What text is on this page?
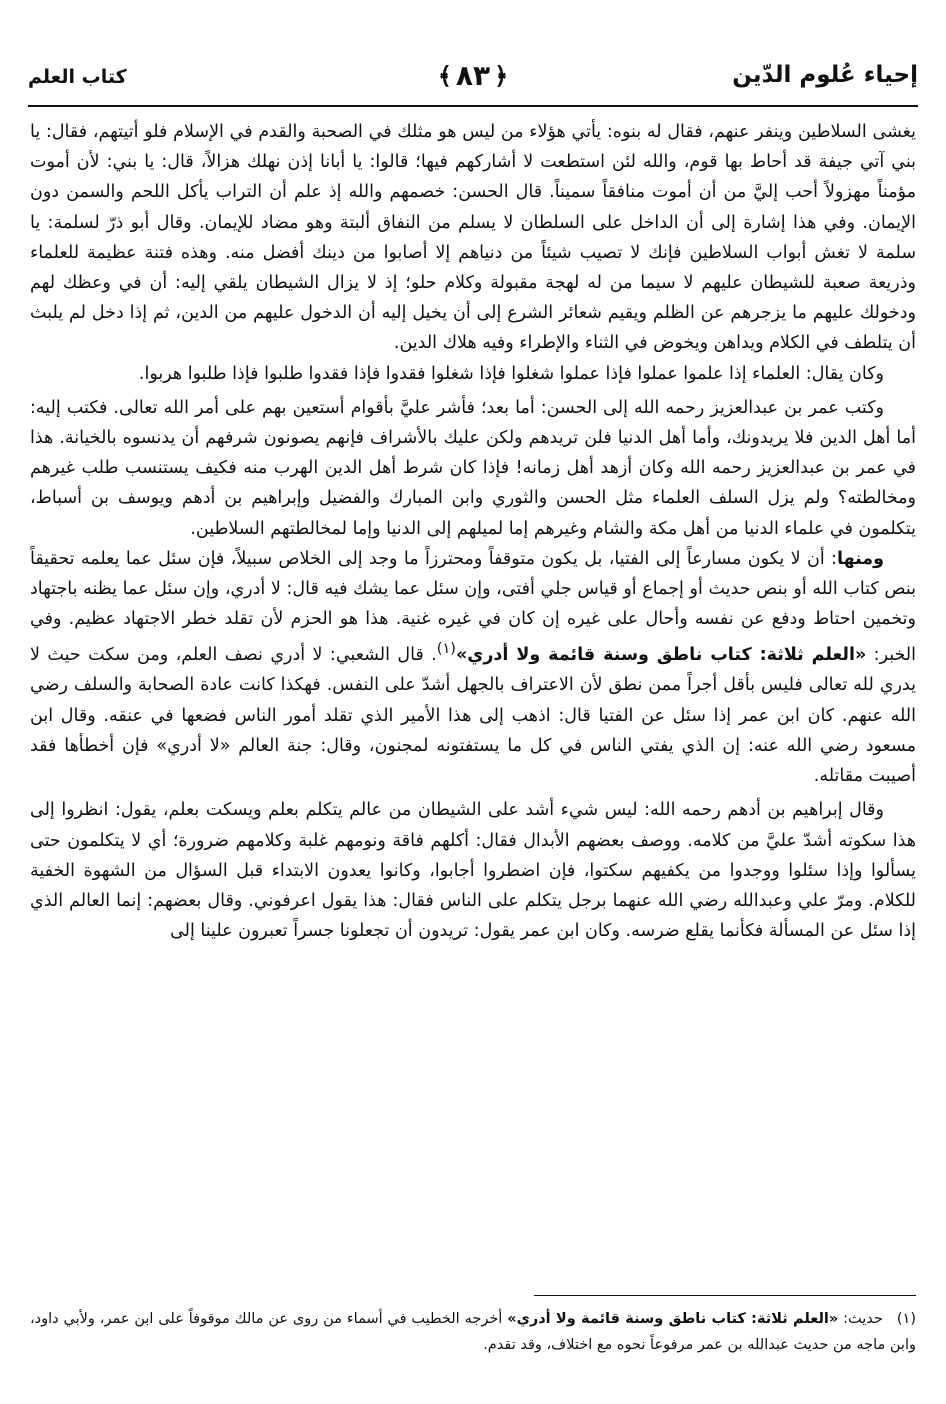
إحياء عُلوم الدّين
﴿
٨٣
﴾
كتاب العلم

يغشى السلاطين وينفر عنهم، فقال له بنوه: يأتي هؤلاء من ليس هو مثلك في الصحبة والقدم في الإسلام فلو أتيتهم، فقال: يا بني آتي جيفة قد أحاط بها قوم، والله لئن استطعت لا أشاركهم فيها؛ قالوا: يا أبانا إذن نهلك هزالاً، قال: يا بني: لأن أموت مؤمناً مهزولاً أحب إليَّ من أن أموت منافقاً سميناً. قال الحسن: خصمهم والله إذ علم أن التراب يأكل اللحم والسمن دون الإيمان. وفي هذا إشارة إلى أن الداخل على السلطان لا يسلم من النفاق ألبتة وهو مضاد للإيمان. وقال أبو ذرّ لسلمة: يا سلمة لا تغش أبواب السلاطين فإنك لا تصيب شيئاً من دنياهم إلا أصابوا من دينك أفضل منه. وهذه فتنة عظيمة للعلماء وذريعة صعبة للشيطان عليهم لا سيما من له لهجة مقبولة وكلام حلو؛ إذ لا يزال الشيطان يلقي إليه: أن في وعظك لهم ودخولك عليهم ما يزجرهم عن الظلم ويقيم شعائر الشرع إلى أن يخيل إليه أن الدخول عليهم من الدين، ثم إذا دخل لم يلبث أن يتلطف في الكلام ويداهن ويخوض في الثناء والإطراء وفيه هلاك الدين.

وكان يقال: العلماء إذا علموا عملوا فإذا عملوا شغلوا فإذا شغلوا فقدوا فإذا فقدوا طلبوا فإذا طلبوا هربوا.

وكتب عمر بن عبدالعزيز رحمه الله إلى الحسن: أما بعد؛ فأشر عليَّ بأقوام أستعين بهم على أمر الله تعالى. فكتب إليه: أما أهل الدين فلا يريدونك، وأما أهل الدنيا فلن تريدهم ولكن عليك بالأشراف فإنهم يصونون شرفهم أن يدنسوه بالخيانة. هذا في عمر بن عبدالعزيز رحمه الله وكان أزهد أهل زمانه! فإذا كان شرط أهل الدين الهرب منه فكيف يستنسب طلب غيرهم ومخالطته؟ ولم يزل السلف العلماء مثل الحسن والثوري وابن المبارك والفضيل وإبراهيم بن أدهم ويوسف بن أسباط، يتكلمون في علماء الدنيا من أهل مكة والشام وغيرهم إما لميلهم إلى الدنيا وإما لمخالطتهم السلاطين.

ومنها: أن لا يكون مسارعاً إلى الفتيا، بل يكون متوقفاً ومحترزاً ما وجد إلى الخلاص سبيلاً، فإن سئل عما يعلمه تحقيقاً بنص كتاب الله أو بنص حديث أو إجماع أو قياس جلي أفتى، وإن سئل عما يشك فيه قال: لا أدري، وإن سئل عما يظنه باجتهاد وتخمين احتاط ودفع عن نفسه وأحال على غيره إن كان في غيره غنية. هذا هو الحزم لأن تقلد خطر الاجتهاد عظيم. وفي الخبر: «العلم ثلاثة: كتاب ناطق وسنة قائمة ولا أدري»$^{(١)}$. قال الشعبي: لا أدري نصف العلم، ومن سكت حيث لا يدري لله تعالى فليس بأقل أجراً ممن نطق لأن الاعتراف بالجهل أشدّ على النفس. فهكذا كانت عادة الصحابة والسلف رضي الله عنهم. كان ابن عمر إذا سئل عن الفتيا قال: اذهب إلى هذا الأمير الذي تقلد أمور الناس فضعها في عنقه. وقال ابن مسعود رضي الله عنه: إن الذي يفتي الناس في كل ما يستفتونه لمجنون، وقال: جنة العالم «لا أدري» فإن أخطأها فقد أصيبت مقاتله.

وقال إبراهيم بن أدهم رحمه الله: ليس شيء أشد على الشيطان من عالم يتكلم بعلم ويسكت بعلم، يقول: انظروا إلى هذا سكوته أشدّ عليَّ من كلامه. ووصف بعضهم الأبدال فقال: أكلهم فاقة ونومهم غلبة وكلامهم ضرورة؛ أي لا يتكلمون حتى يسألوا وإذا سئلوا ووجدوا من يكفيهم سكتوا، فإن اضطروا أجابوا، وكانوا يعدون الابتداء قبل السؤال من الشهوة الخفية للكلام. ومرّ علي وعبدالله رضي الله عنهما برجل يتكلم على الناس فقال: هذا يقول اعرفوني. وقال بعضهم: إنما العالم الذي إذا سئل عن المسألة فكأنما يقلع ضرسه. وكان ابن عمر يقول: تريدون أن تجعلونا جسراً تعبرون علينا إلى

(١)حديث: «العلم ثلاثة: كتاب ناطق وسنة قائمة ولا أدري» أخرجه الخطيب في أسماء من روى عن مالك موقوفاً على ابن عمر، ولأبي داود، وابن ماجه من حديث عبدالله بن عمر مرفوعاً نحوه مع اختلاف، وقد تقدم.
